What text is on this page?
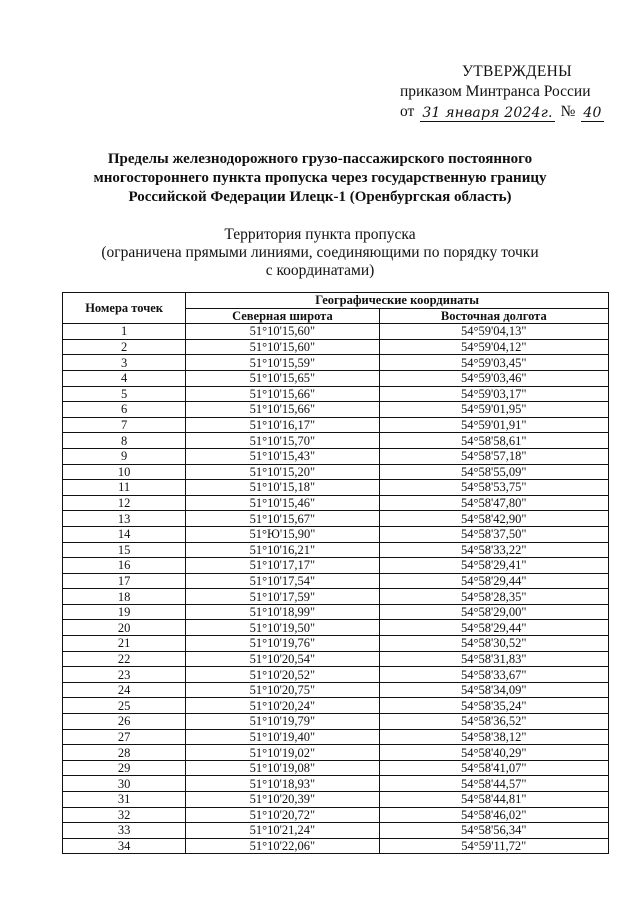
УТВЕРЖДЕНЫ
приказом Минтранса России
от 31 января 2024г. № 40
Пределы железнодорожного грузо-пассажирского постоянного
многостороннего пункта пропуска через государственную границу
Российской Федерации Илецк-1 (Оренбургская область)
Территория пункта пропуска
(ограничена прямыми линиями, соединяющими по порядку точки
с координатами)
Номера точек	Географические координаты	
	Северная широта	Восточная долгота
1	51°10'15,60"	54°59'04,13"
2	51°10'15,60"	54°59'04,12"
3	51°10'15,59"	54°59'03,45"
4	51°10'15,65"	54°59'03,46"
5	51°10'15,66"	54°59'03,17"
6	51°10'15,66"	54°59'01,95"
7	51°10'16,17"	54°59'01,91"
8	51°10'15,70"	54°58'58,61"
9	51°10'15,43"	54°58'57,18"
10	51°10'15,20"	54°58'55,09"
11	51°10'15,18"	54°58'53,75"
12	51°10'15,46"	54°58'47,80"
13	51°10'15,67"	54°58'42,90"
14	51°Ю'15,90"	54°58'37,50"
15	51°10'16,21"	54°58'33,22"
16	51°10'17,17"	54°58'29,41"
17	51°10'17,54"	54°58'29,44"
18	51°10'17,59"	54°58'28,35"
19	51°10'18,99"	54°58'29,00"
20	51°10'19,50"	54°58'29,44"
21	51°10'19,76"	54°58'30,52"
22	51°10'20,54"	54°58'31,83"
23	51°10'20,52"	54°58'33,67"
24	51°10'20,75"	54°58'34,09"
25	51°10'20,24"	54°58'35,24"
26	51°10'19,79"	54°58'36,52"
27	51°10'19,40"	54°58'38,12"
28	51°10'19,02"	54°58'40,29"
29	51°10'19,08"	54°58'41,07"
30	51°10'18,93"	54°58'44,57"
31	51°10'20,39"	54°58'44,81"
32	51°10'20,72"	54°58'46,02"
33	51°10'21,24"	54°58'56,34"
34	51°10'22,06"	54°59'11,72"
